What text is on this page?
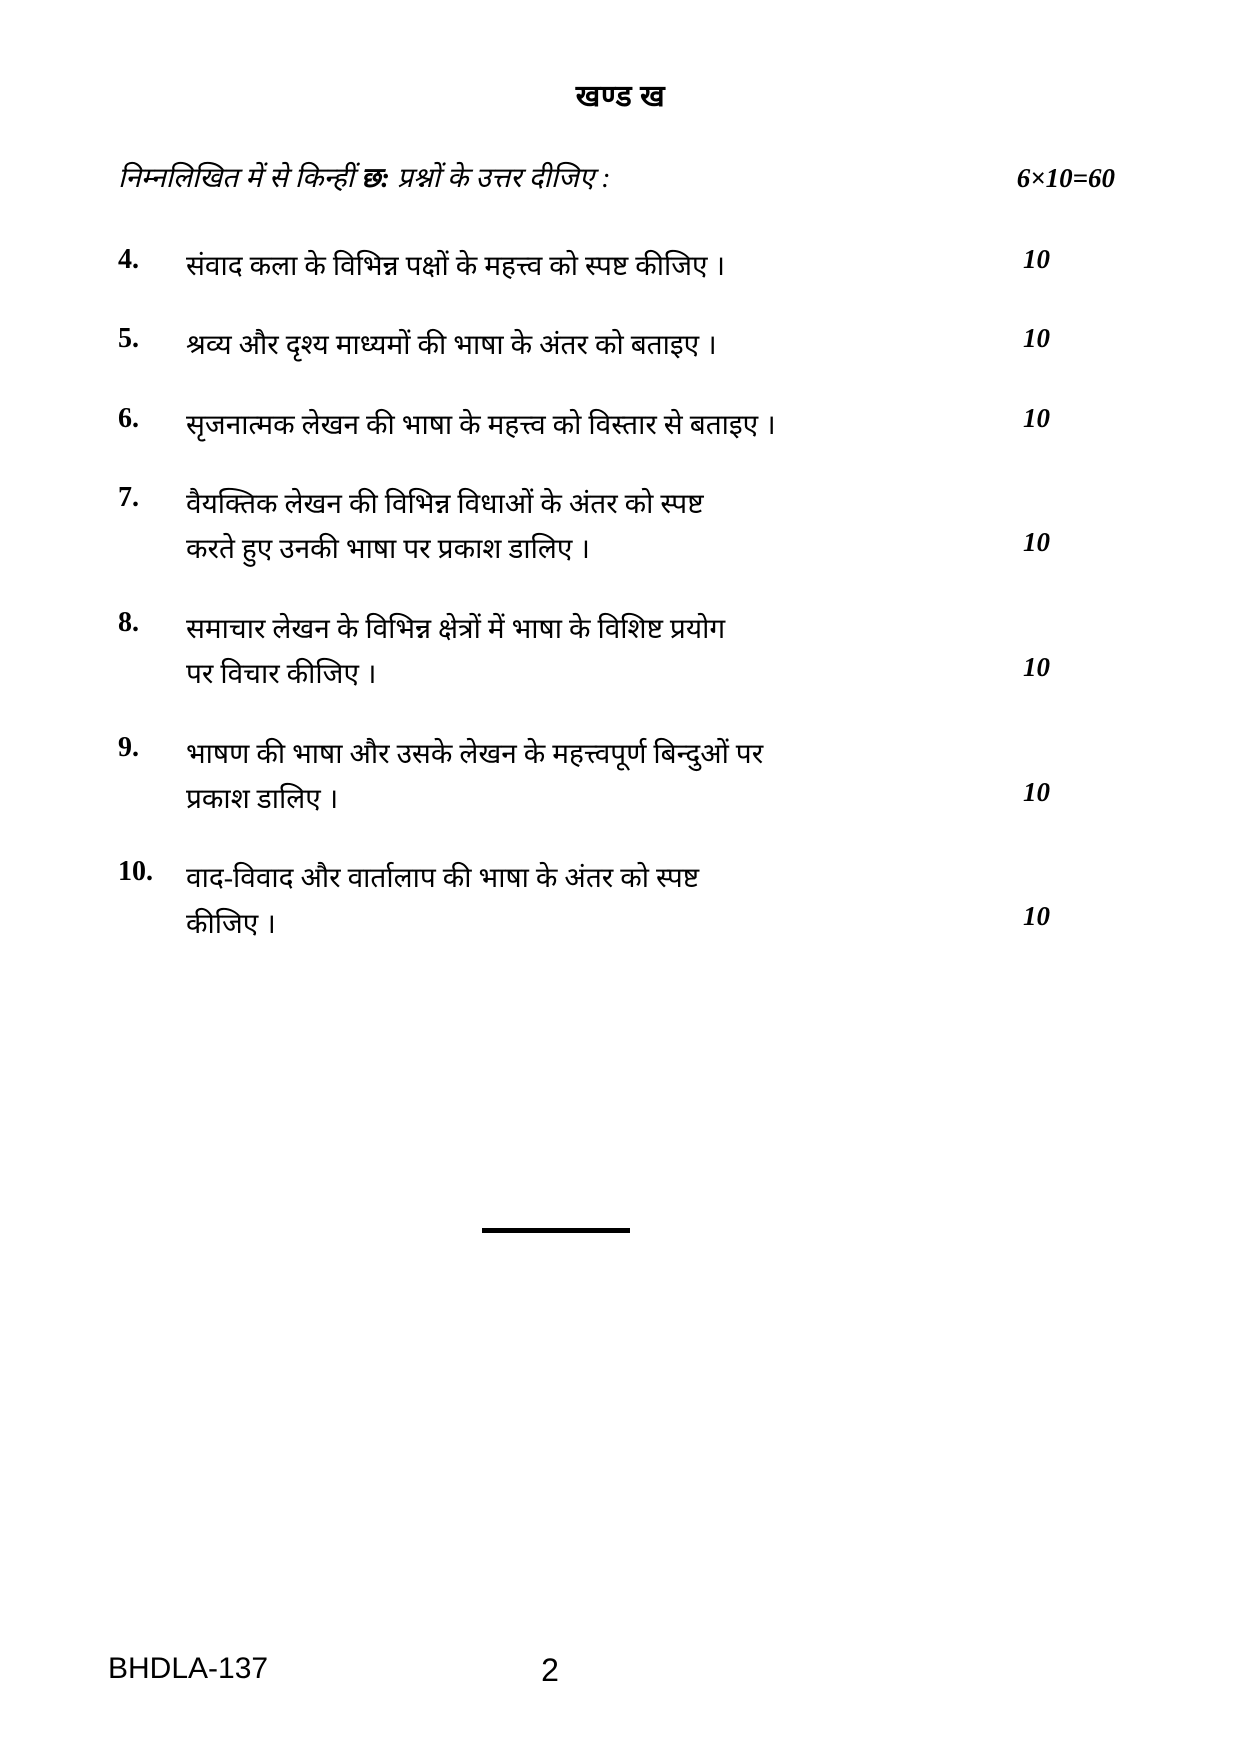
खण्ड ख
निम्नलिखित में से किन्हीं छ: प्रश्नों के उत्तर दीजिए :	6×10=60
4.	संवाद कला के विभिन्न पक्षों के महत्त्व को स्पष्ट कीजिए ।	10
5.	श्रव्य और दृश्य माध्यमों की भाषा के अंतर को बताइए ।	10
6.	सृजनात्मक लेखन की भाषा के महत्त्व को विस्तार से बताइए ।	10
7.	वैयक्तिक लेखन की विभिन्न विधाओं के अंतर को स्पष्ट
करते हुए उनकी भाषा पर प्रकाश डालिए ।	10
8.	समाचार लेखन के विभिन्न क्षेत्रों में भाषा के विशिष्ट प्रयोग
पर विचार कीजिए ।	10
9.	भाषण की भाषा और उसके लेखन के महत्त्वपूर्ण बिन्दुओं पर
प्रकाश डालिए ।	10
10.	वाद-विवाद और वार्तालाप की भाषा के अंतर को स्पष्ट
कीजिए ।	10
BHDLA-137	2
